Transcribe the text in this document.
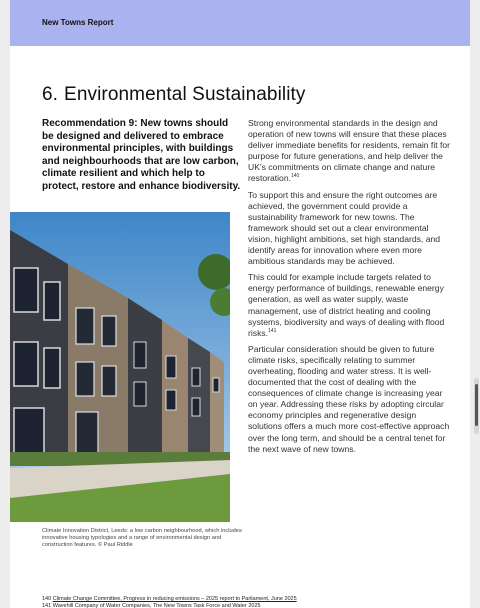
New Towns Report
6. Environmental Sustainability
Recommendation 9: New towns should be designed and delivered to embrace environmental principles, with buildings and neighbourhoods that are low carbon, climate resilient and which help to protect, restore and enhance biodiversity.
Climate Innovation District, Leeds: a low carbon neighbourhood, which includes innovative housing typologies and a range of environmental design and construction features. © Paul Riddle

Strong environmental standards in the design and operation of new towns will ensure that these places deliver immediate benefits for residents, remain fit for purpose for future generations, and help deliver the UK's commitments on climate change and nature restoration.$^{140}$

To support this and ensure the right outcomes are achieved, the government could provide a sustainability framework for new towns. The framework should set out a clear environmental vision, highlight ambitions, set high standards, and identify areas for innovation where even more ambitious standards may be achieved.

This could for example include targets related to energy performance of buildings, renewable energy generation, as well as water supply, waste management, use of district heating and cooling systems, biodiversity and ways of dealing with flood risks.$^{141}$

Particular consideration should be given to future climate risks, specifically relating to summer overheating, flooding and water stress. It is well-documented that the cost of dealing with the consequences of climate change is increasing year on year. Addressing these risks by adopting circular economy principles and regenerative design solutions offers a much more cost-effective approach over the long term, and should be a central tenet for the next wave of new towns.

140 Climate Change Committee, Progress in reducing emissions – 2025 report to Parliament, June 2025
141 Wavehill Company of Water Companies, The New Towns Task Force and Water 2025
